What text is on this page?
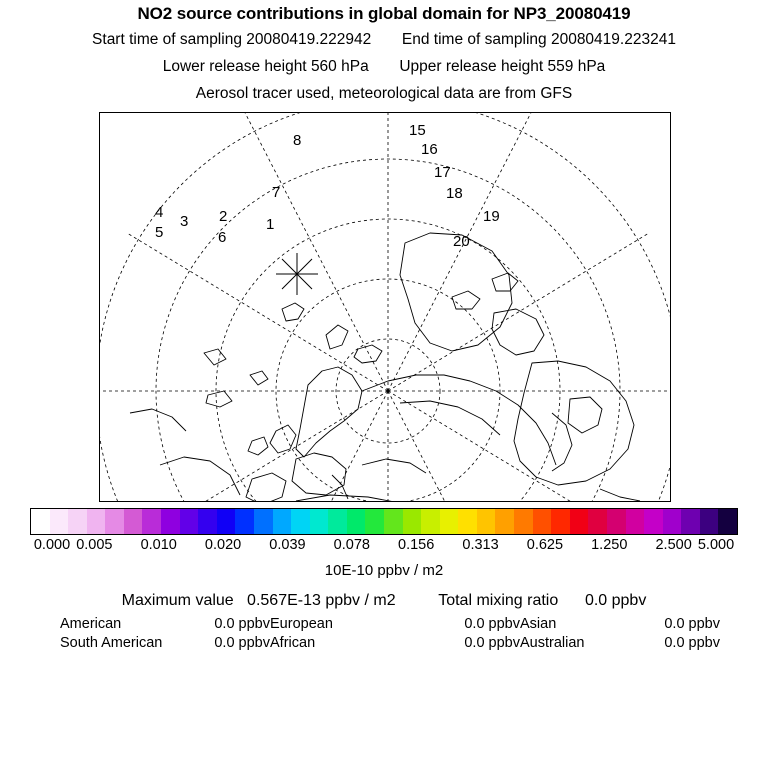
NO2 source contributions in global domain for NP3_20080419
Start time of sampling 20080419.222942 End time of sampling 20080419.223241
Lower release height 560 hPa Upper release height 559 hPa
Aerosol tracer used, meteorological data are from GFS
8
15
16
17
7	18
4
3 2	1	19
5	6	20
0.000 0.005 0.010 0.020 0.039 0.078 0.156 0.313 0.625 1.250 2.500 5.000
10E-10 ppbv / m2
Maximum value 0.567E-13 ppbv / m2	Total mixing ratio 0.0 ppbv
American	0.0 ppbv European	0.0 ppbv Asian	0.0 ppbv
South American	0.0 ppbv African	0.0 ppbv Australian	0.0 ppbv
